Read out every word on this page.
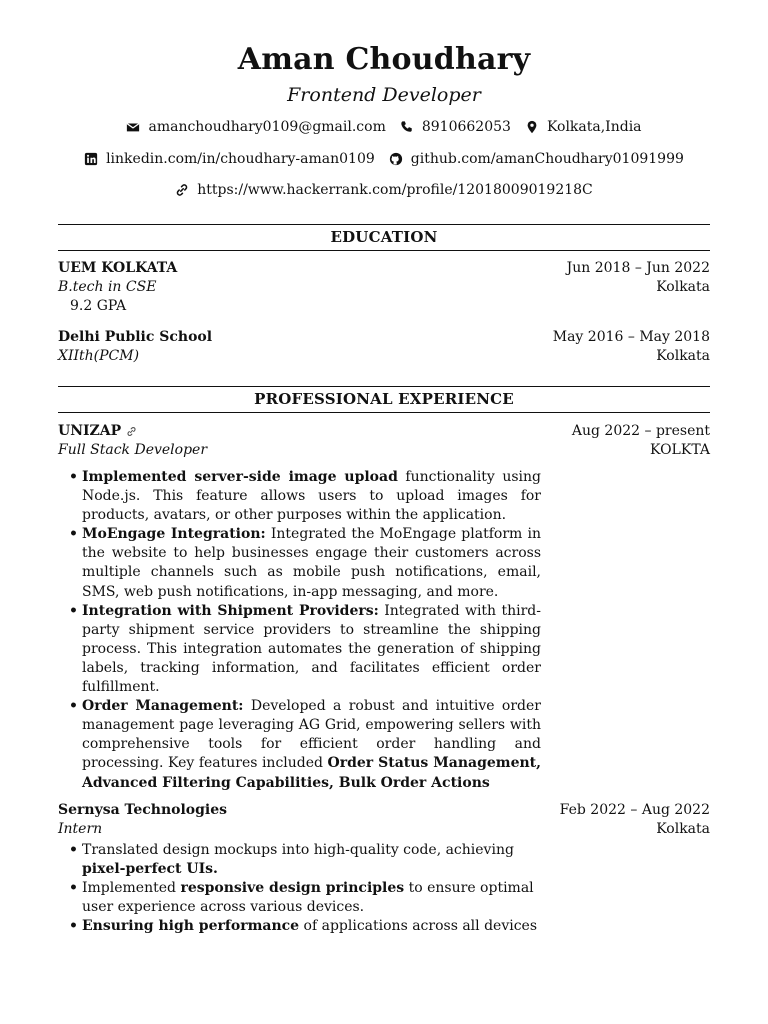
Aman Choudhary
Frontend Developer
amanchoudhary0109@gmail.com	8910662053	Kolkata,India
linkedin.com/in/choudhary-aman0109	github.com/amanChoudhary01091999
https://www.hackerrank.com/profile/12018009019218C
EDUCATION
UEM KOLKATA	Jun 2018 – Jun 2022
B.tech in CSE	Kolkata
9.2 GPA
Delhi Public School	May 2016 – May 2018
XIIth(PCM)	Kolkata
PROFESSIONAL EXPERIENCE
UNIZAP	Aug 2022 – present
Full Stack Developer	KOLKTA
• Implemented server-side image upload functionality using Node.js. This feature allows users to upload images for products, avatars, or other purposes within the application.
• MoEngage Integration: Integrated the MoEngage platform in the website to help businesses engage their customers across multiple channels such as mobile push notifications, email, SMS, web push notifications, in-app messaging, and more.
• Integration with Shipment Providers: Integrated with third-party shipment service providers to streamline the shipping process. This integration automates the generation of shipping labels, tracking information, and facilitates efficient order fulfillment.
• Order Management: Developed a robust and intuitive order management page leveraging AG Grid, empowering sellers with comprehensive tools for efficient order handling and processing. Key features included Order Status Management, Advanced Filtering Capabilities, Bulk Order Actions
Sernysa Technologies	Feb 2022 – Aug 2022
Intern	Kolkata
• Translated design mockups into high-quality code, achieving pixel-perfect UIs.
• Implemented responsive design principles to ensure optimal user experience across various devices.
• Ensuring high performance of applications across all devices
